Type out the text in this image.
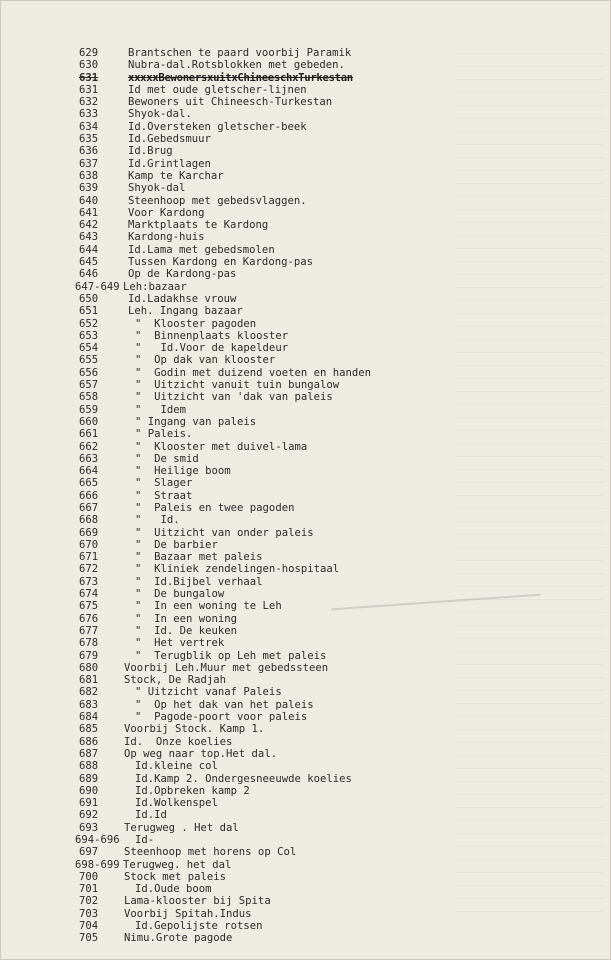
629	Brantschen te paard voorbij Paramik
630	Nubra-dal.Rotsblokken met gebeden.
631	xxxxxBewonersxuitxChineeschxTurkestan
631	Id met oude gletscher-lijnen
632	Bewoners uit Chineesch-Turkestan
633	Shyok-dal.
634	Id.Oversteken gletscher-beek
635	Id.Gebedsmuur
636	Id.Brug
637	Id.Grintlagen
638	Kamp te Karchar
639	Shyok-dal
640	Steenhoop met gebedsvlaggen.
641	Voor Kardong
642	Marktplaats te Kardong
643	Kardong-huis
644	Id.Lama met gebedsmolen
645	Tussen Kardong en Kardong-pas
646	Op de Kardong-pas
647-649 Leh:bazaar
650	Id.Ladakhse vrouw
651	Leh. Ingang bazaar
652	"  Klooster pagoden
653	"  Binnenplaats klooster
654	"   Id.Voor de kapeldeur
655	"  Op dak van klooster
656	"  Godin met duizend voeten en handen
657	"  Uitzicht vanuit tuin bungalow
658	"  Uitzicht van 'dak van paleis
659	"   Idem
660	" Ingang van paleis
661	" Paleis.
662	"  Klooster met duivel-lama
663	"  De smid
664	"  Heilige boom
665	"  Slager
666	"  Straat
667	"  Paleis en twee pagoden
668	"   Id.
669	"  Uitzicht van onder paleis
670	"  De barbier
671	"  Bazaar met paleis
672	"  Kliniek zendelingen-hospitaal
673	"  Id.Bijbel verhaal
674	"  De bungalow
675	"  In een woning te Leh
676	"  In een woning
677	"  Id. De keuken
678	"  Het vertrek
679	"  Terugblik op Leh met paleis
680	Voorbij Leh.Muur met gebedssteen
681	Stock, De Radjah
682	" Uitzicht vanaf Paleis
683	"  Op het dak van het paleis
684	"  Pagode-poort voor paleis
685	Voorbij Stock. Kamp 1.
686	Id.  Onze koelies
687	Op weg naar top.Het dal.
688	Id.kleine col
689	Id.Kamp 2. Ondergesneeuwde koelies
690	Id.Opbreken kamp 2
691	Id.Wolkenspel
692	Id.Id
693	Terugweg . Het dal
694-696	Id-
697	Steenhoop met horens op Col
698-699 Terugweg. het dal
700	Stock met paleis
701	Id.Oude boom
702	Lama-klooster bij Spita
703	Voorbij Spitah.Indus
704	Id.Gepolijste rotsen
705	Nimu.Grote pagode
